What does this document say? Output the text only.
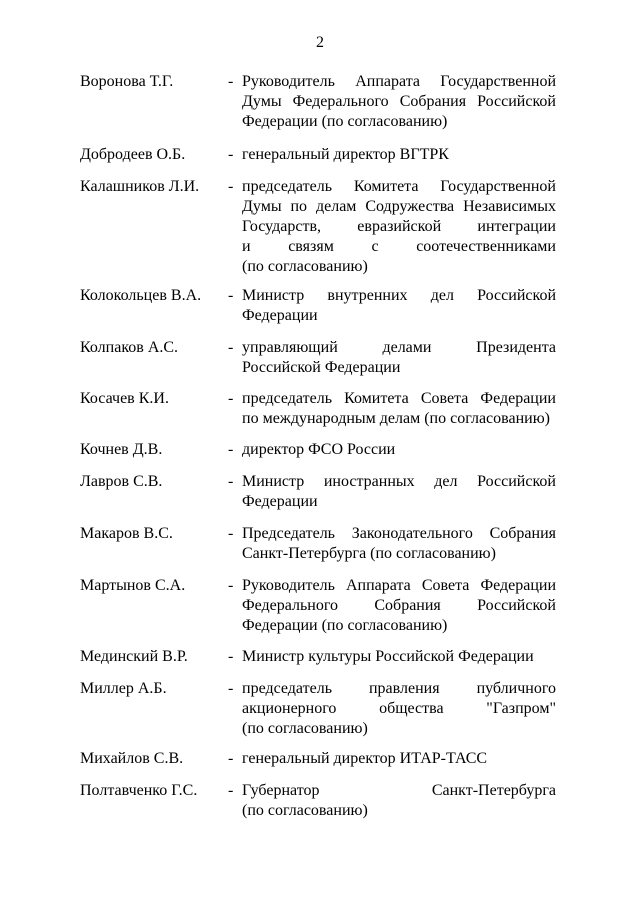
2
Воронова Т.Г.	- Руководитель Аппарата Государственной
Думы Федерального Собрания Российской
Федерации (по согласованию)
Добродеев О.Б.	- генеральный директор ВГТРК
Калашников Л.И. - председатель Комитета Государственной
Думы по делам Содружества Независимых
Государств, евразийской интеграции
и связям с соотечественниками
(по согласованию)
Колокольцев В.А. - Министр внутренних дел Российской
Федерации
Колпаков А.С.	- управляющий делами Президента
Российской Федерации
Косачев К.И.	- председатель Комитета Совета Федерации
по международным делам (по согласованию)
Кочнев Д.В.	- директор ФСО России
Лавров С.В.	- Министр иностранных дел Российской
Федерации
Макаров В.С.	- Председатель Законодательного Собрания
Санкт-Петербурга (по согласованию)
Мартынов С.А.	- Руководитель Аппарата Совета Федерации
Федерального Собрания Российской
Федерации (по согласованию)
Мединский В.Р.	- Министр культуры Российской Федерации
Миллер А.Б.	- председатель правления публичного
акционерного общества "Газпром"
(по согласованию)
Михайлов С.В.	- генеральный директор ИТАР-ТАСС
Полтавченко Г.С. - Губернатор Санкт-Петербурга
(по согласованию)
